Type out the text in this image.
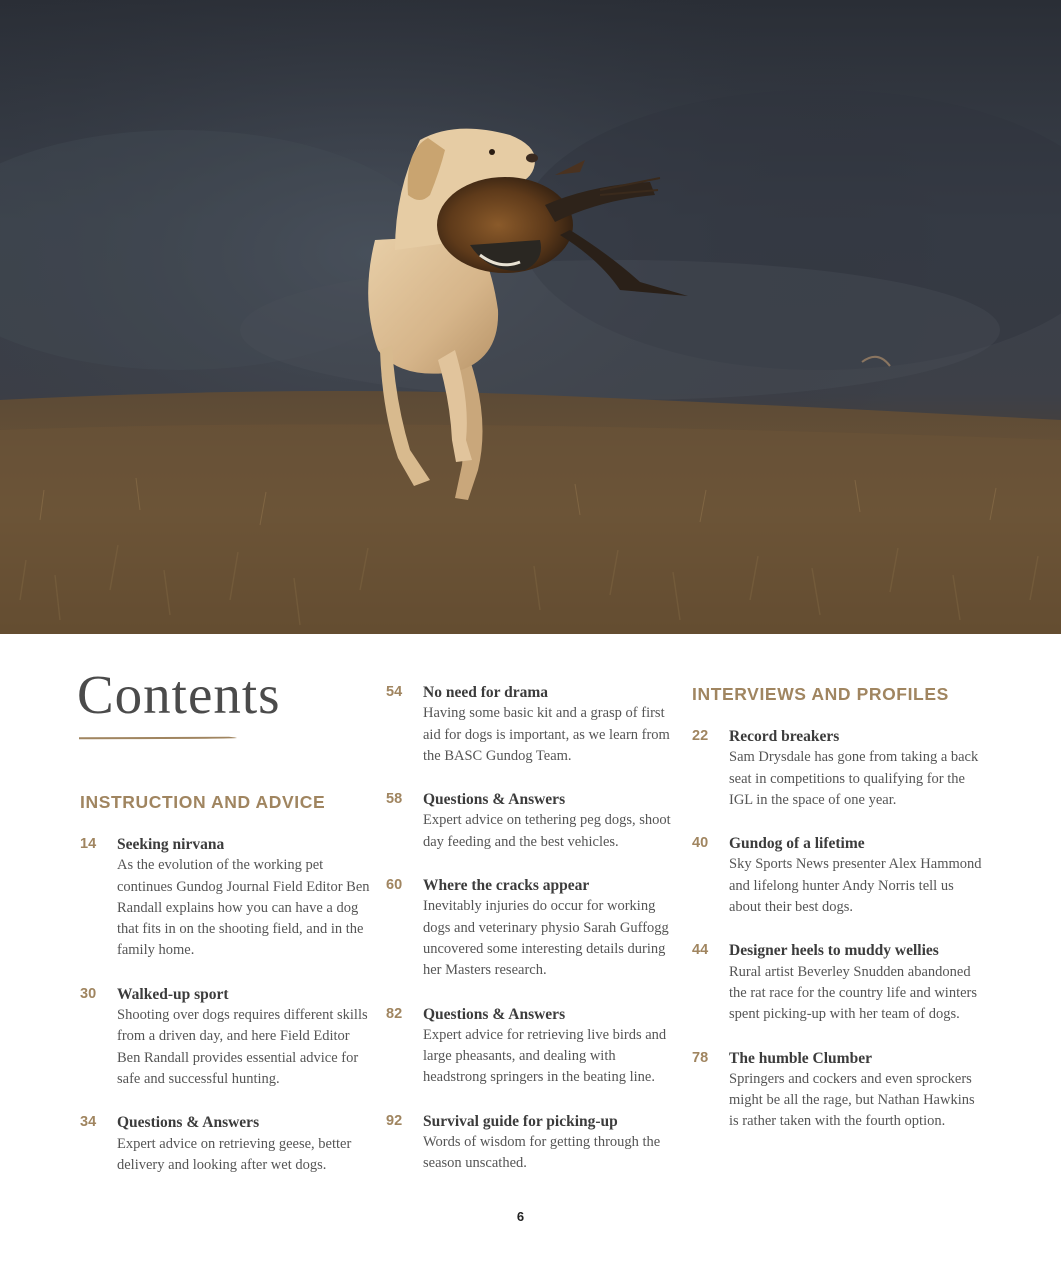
Contents
INSTRUCTION AND ADVICE
14 Seeking nirvana
As the evolution of the working pet continues Gundog Journal Field Editor Ben Randall explains how you can have a dog that fits in on the shooting field, and in the family home.
30 Walked-up sport
Shooting over dogs requires different skills from a driven day, and here Field Editor Ben Randall provides essential advice for safe and successful hunting.
34 Questions & Answers
Expert advice on retrieving geese, better delivery and looking after wet dogs.
54 No need for drama
Having some basic kit and a grasp of first aid for dogs is important, as we learn from the BASC Gundog Team.
58 Questions & Answers
Expert advice on tethering peg dogs, shoot day feeding and the best vehicles.
60 Where the cracks appear
Inevitably injuries do occur for working dogs and veterinary physio Sarah Guffogg uncovered some interesting details during her Masters research.
82 Questions & Answers
Expert advice for retrieving live birds and large pheasants, and dealing with headstrong springers in the beating line.
92 Survival guide for picking-up
Words of wisdom for getting through the season unscathed.
INTERVIEWS AND PROFILES
22 Record breakers
Sam Drysdale has gone from taking a back seat in competitions to qualifying for the IGL in the space of one year.
40 Gundog of a lifetime
Sky Sports News presenter Alex Hammond and lifelong hunter Andy Norris tell us about their best dogs.
44 Designer heels to muddy wellies
Rural artist Beverley Snudden abandoned the rat race for the country life and winters spent picking-up with her team of dogs.
78 The humble Clumber
Springers and cockers and even sprockers might be all the rage, but Nathan Hawkins is rather taken with the fourth option.
6
